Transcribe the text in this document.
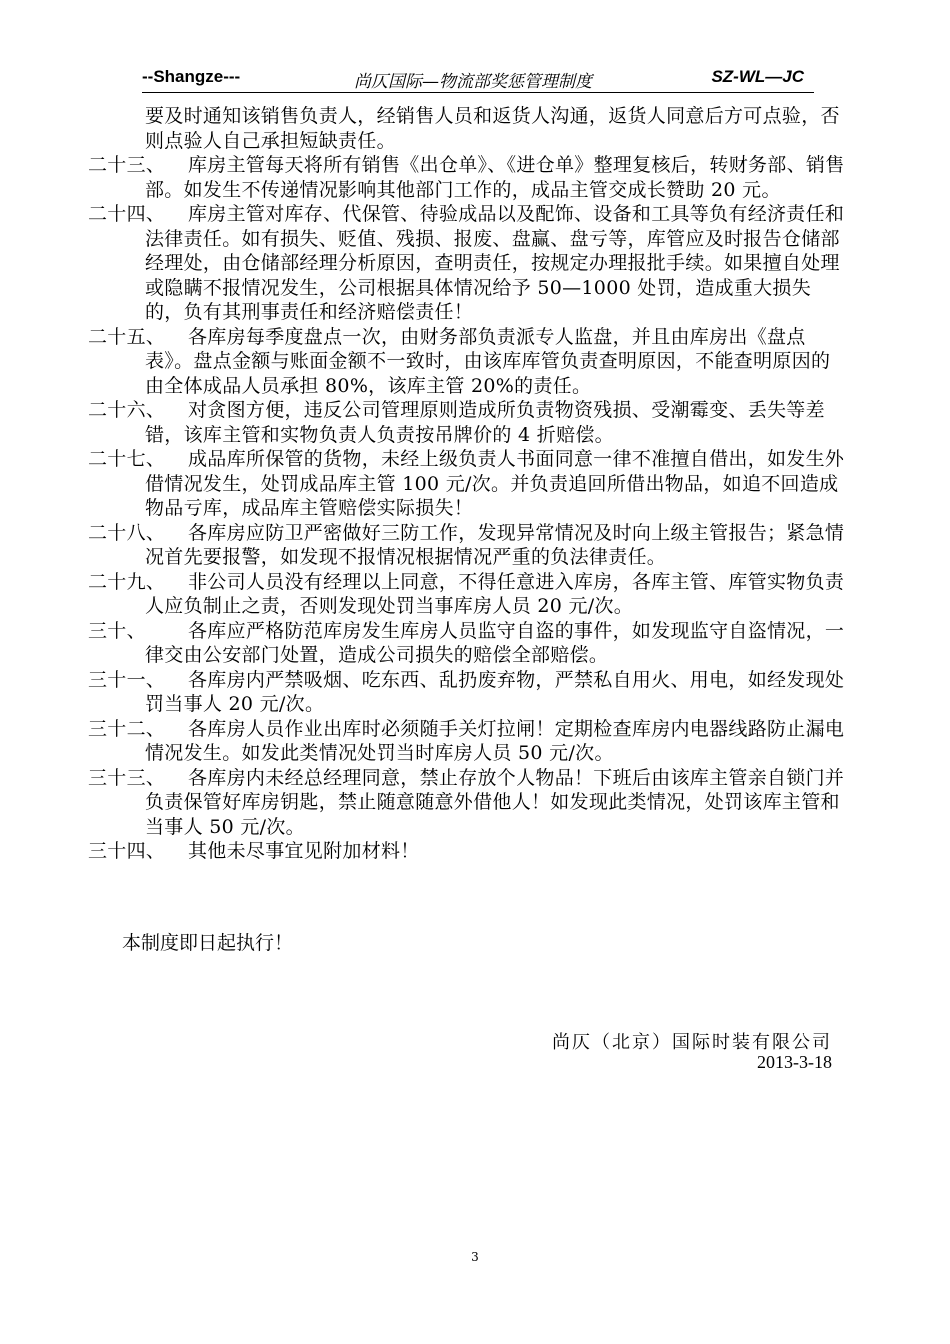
--Shangze---	尚仄国际—物流部奖惩管理制度	SZ-WL—JC

要及时通知该销售负责人，经销售人员和返货人沟通，返货人同意后方可点验，否则点验人自己承担短缺责任。

二十三、 库房主管每天将所有销售《出仓单》、《进仓单》整理复核后，转财务部、销售部。如发生不传递情况影响其他部门工作的，成品主管交成长赞助 20 元。

二十四、 库房主管对库存、代保管、待验成品以及配饰、设备和工具等负有经济责任和法律责任。如有损失、贬值、残损、报废、盘赢、盘亏等，库管应及时报告仓储部经理处，由仓储部经理分析原因，查明责任，按规定办理报批手续。如果擅自处理或隐瞒不报情况发生，公司根据具体情况给予 50—1000 处罚，造成重大损失的，负有其刑事责任和经济赔偿责任！

二十五、 各库房每季度盘点一次，由财务部负责派专人监盘，并且由库房出《盘点表》。盘点金额与账面金额不一致时，由该库库管负责查明原因，不能查明原因的由全体成品人员承担 80%，该库主管 20%的责任。

二十六、 对贪图方便，违反公司管理原则造成所负责物资残损、受潮霉变、丢失等差错，该库主管和实物负责人负责按吊牌价的 4 折赔偿。

二十七、 成品库所保管的货物，未经上级负责人书面同意一律不准擅自借出，如发生外借情况发生，处罚成品库主管 100 元/次。并负责追回所借出物品，如追不回造成物品亏库，成品库主管赔偿实际损失！

二十八、 各库房应防卫严密做好三防工作，发现异常情况及时向上级主管报告；紧急情况首先要报警，如发现不报情况根据情况严重的负法律责任。

二十九、 非公司人员没有经理以上同意，不得任意进入库房，各库主管、库管实物负责人应负制止之责，否则发现处罚当事库房人员 20 元/次。

三十、 各库应严格防范库房发生库房人员监守自盗的事件，如发现监守自盗情况，一律交由公安部门处置，造成公司损失的赔偿全部赔偿。

三十一、 各库房内严禁吸烟、吃东西、乱扔废弃物，严禁私自用火、用电，如经发现处罚当事人 20 元/次。

三十二、 各库房人员作业出库时必须随手关灯拉闸！定期检查库房内电器线路防止漏电情况发生。如发此类情况处罚当时库房人员 50 元/次。

三十三、 各库房内未经总经理同意，禁止存放个人物品！下班后由该库主管亲自锁门并负责保管好库房钥匙，禁止随意随意外借他人！如发现此类情况，处罚该库主管和当事人 50 元/次。

三十四、 其他未尽事宜见附加材料！

本制度即日起执行！
尚仄（北京）国际时装有限公司
2013-3-18
3
